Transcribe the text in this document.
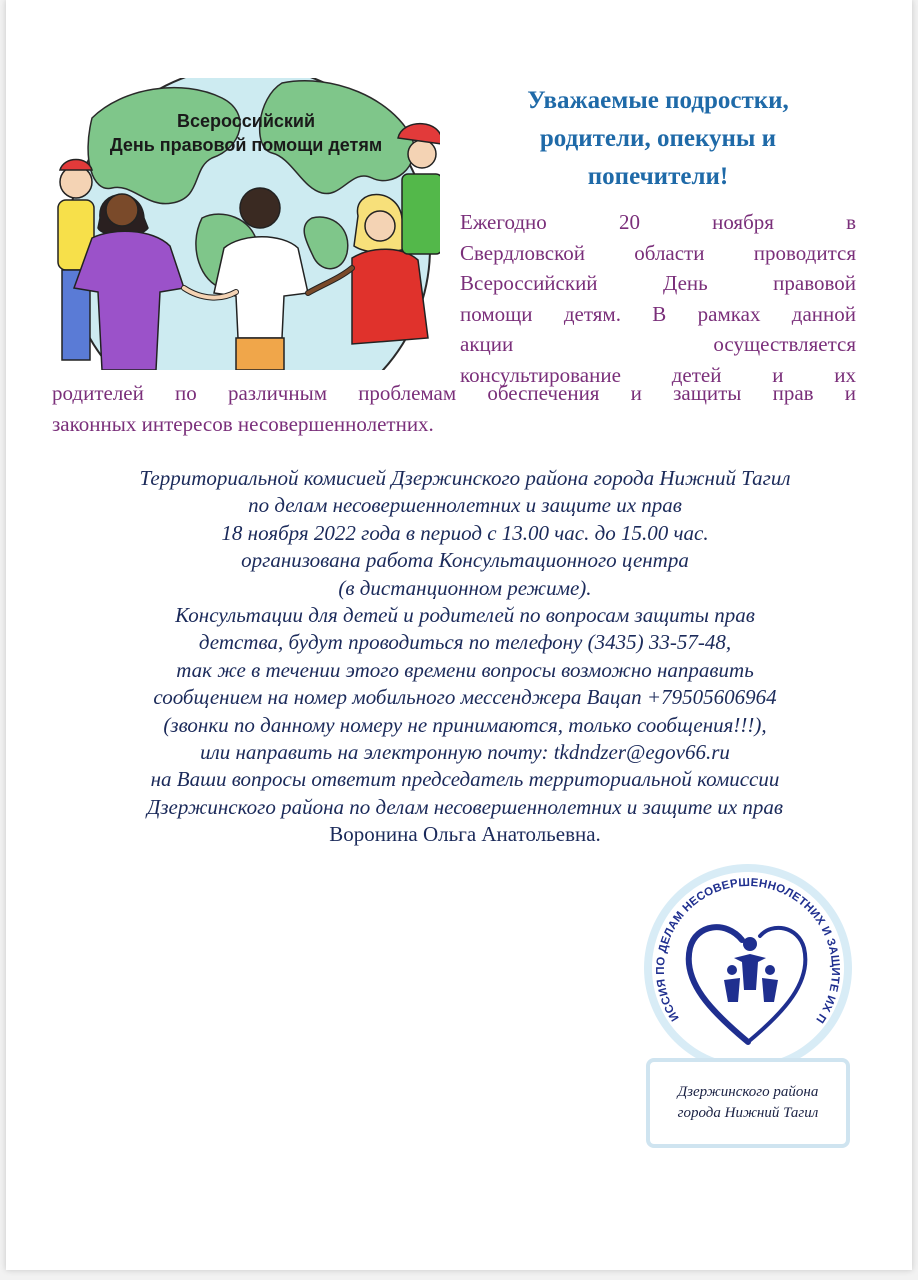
Всероссийский
День правовой помощи детям
Уважаемые подростки,
родители, опекуны и
попечители!
Ежегодно 20 ноября в
Свердловской области проводится
Всероссийский День правовой
помощи детям. В рамках данной
акции осуществляется
консультирование детей и их
родителей по различным проблемам обеспечения и защиты прав и
законных интересов несовершеннолетних.
Территориальной комисией Дзержинского района города Нижний Тагил
по делам несовершеннолетних и защите их прав
18 ноября 2022 года в период с 13.00 час. до 15.00 час.
организована работа Консультационного центра
(в дистанционном режиме).
Консультации для детей и родителей по вопросам защиты прав
детства, будут проводиться по телефону (3435) 33-57-48,
так же в течении этого времени вопросы возможно направить
сообщением на номер мобильного мессенджера Вацап +79505606964
(звонки по данному номеру не принимаются, только сообщения!!!),
или направить на электронную почту: tkdndzer@egov66.ru
на Ваши вопросы ответит председатель территориальной комиссии
Дзержинского района по делам несовершеннолетних и защите их прав
Воронина Ольга Анатольевна.
ИССИЯ ПО ДЕЛАМ НЕСОВЕРШЕННОЛЕТНИХ И ЗАЩИТЕ ИХ П
Дзержинского района
города Нижний Тагил
